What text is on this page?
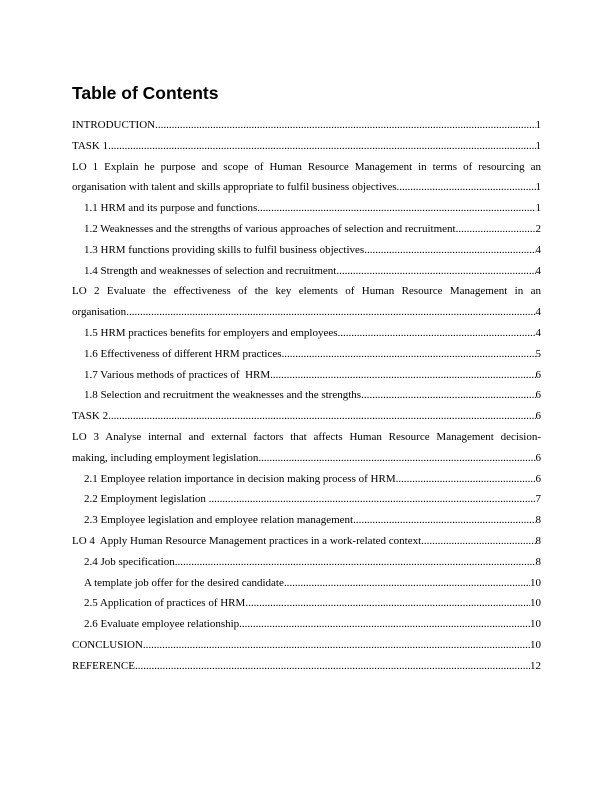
Table of Contents
INTRODUCTION .....	1
TASK 1 .....	1
LO 1 Explain he purpose and scope of Human Resource Management in terms of resourcing an
organisation with talent and skills appropriate to fulfil business objectives .....	1
1.1 HRM and its purpose and functions .....	1
1.2 Weaknesses and the strengths of various approaches of selection and recruitment .....	2
1.3 HRM functions providing skills to fulfil business objectives .....	4
1.4 Strength and weaknesses of selection and recruitment .....	4
LO 2 Evaluate the effectiveness of the key elements of Human Resource Management in an
organisation .....	4
1.5 HRM practices benefits for employers and employees .....	4
1.6 Effectiveness of different HRM practices .....	5
1.7 Various methods of practices of  HRM .....	6
1.8 Selection and recruitment the weaknesses and the strengths .....	6
TASK 2 .....	6
LO 3 Analyse internal and external factors that affects Human Resource Management decision-
making, including employment legislation .....	6
2.1 Employee relation importance in decision making process of HRM .....	6
2.2 Employment legislation .....	7
2.3 Employee legislation and employee relation management .....	8
LO 4  Apply Human Resource Management practices in a work-related context .....	8
2.4 Job specification .....	8
A template job offer for the desired candidate .....	10
2.5 Application of practices of HRM .....	10
2.6 Evaluate employee relationship .....	10
CONCLUSION .....	10
REFERENCE .....	12
